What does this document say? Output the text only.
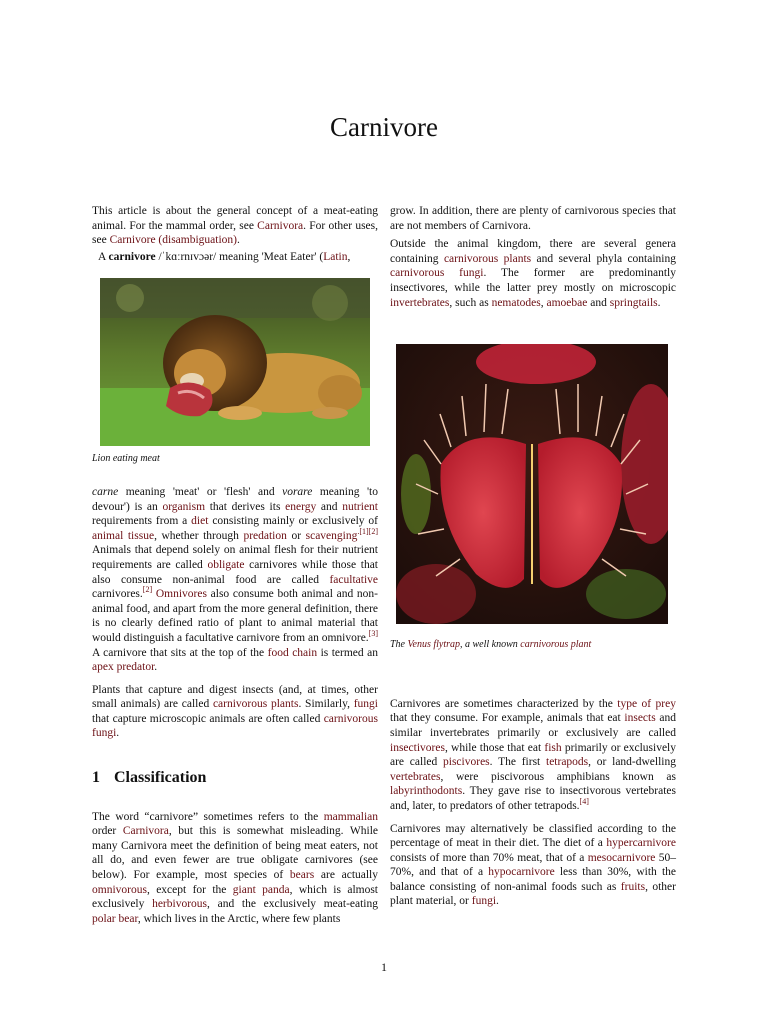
Carnivore

This article is about the general concept of a meat-eating animal. For the mammal order, see Carnivora. For other uses, see Carnivore (disambiguation).

A carnivore /ˈkɑːrnɪvɔər/ meaning 'Meat Eater' (Latin,

Lion eating meat

carne meaning 'meat' or 'flesh' and vorare meaning 'to devour') is an organism that derives its energy and nutrient requirements from a diet consisting mainly or exclusively of animal tissue, whether through predation or scavenging$^{.[1][2]}$ Animals that depend solely on animal flesh for their nutrient requirements are called obligate carnivores while those that also consume non-animal food are called facultative carnivores.[2] Omnivores also consume both animal and non-animal food, and apart from the more general definition, there is no clearly defined ratio of plant to animal material that would distinguish a facultative carnivore from an omnivore.[3] A carnivore that sits at the top of the food chain is termed an apex predator.

Plants that capture and digest insects (and, at times, other small animals) are called carnivorous plants. Similarly, fungi that capture microscopic animals are often called carnivorous fungi.

1 Classification

The word “carnivore” sometimes refers to the mammalian order Carnivora, but this is somewhat misleading. While many Carnivora meet the definition of being meat eaters, not all do, and even fewer are true obligate carnivores (see below). For example, most species of bears are actually omnivorous, except for the giant panda, which is almost exclusively herbivorous, and the exclusively meat-eating polar bear, which lives in the Arctic, where few plants

grow. In addition, there are plenty of carnivorous species that are not members of Carnivora.

Outside the animal kingdom, there are several genera containing carnivorous plants and several phyla containing carnivorous fungi. The former are predominantly insectivores, while the latter prey mostly on microscopic invertebrates, such as nematodes, amoebae and springtails.

The Venus flytrap, a well known carnivorous plant

Carnivores are sometimes characterized by the type of prey that they consume. For example, animals that eat insects and similar invertebrates primarily or exclusively are called insectivores, while those that eat fish primarily or exclusively are called piscivores. The first tetrapods, or land-dwelling vertebrates, were piscivorous amphibians known as labyrinthodonts. They gave rise to insectivorous vertebrates and, later, to predators of other tetrapods.[4]

Carnivores may alternatively be classified according to the percentage of meat in their diet. The diet of a hypercarnivore consists of more than 70% meat, that of a mesocarnivore 50–70%, and that of a hypocarnivore less than 30%, with the balance consisting of non-animal foods such as fruits, other plant material, or fungi.

1
